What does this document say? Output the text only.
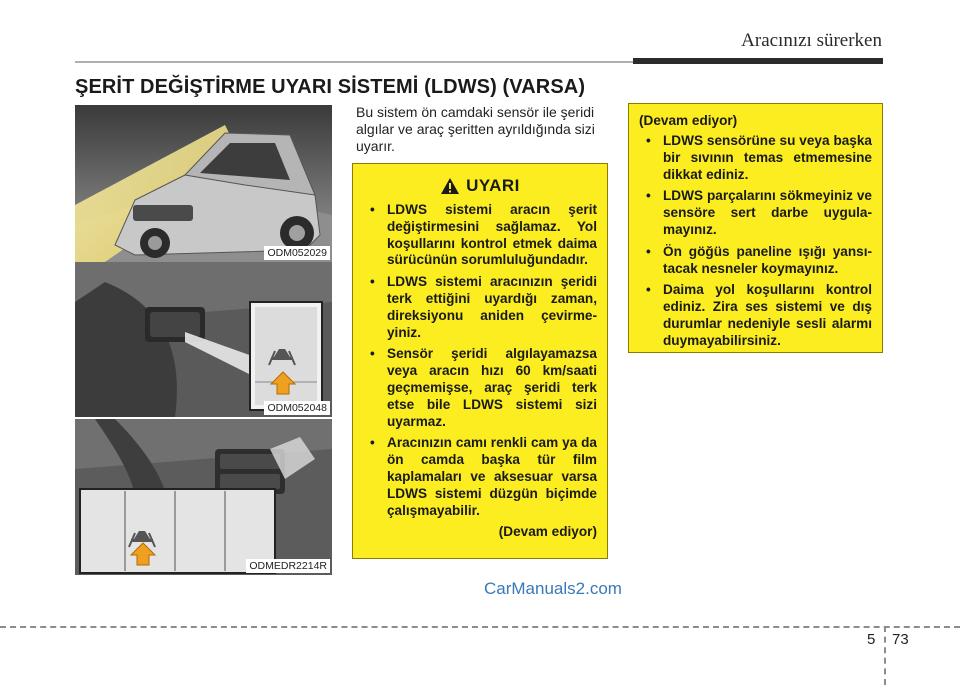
Aracınızı sürerken
ŞERİT DEĞİŞTİRME UYARI SİSTEMİ (LDWS) (VARSA)
ODM052029
ODM052048
ODMEDR2214R
Bu sistem ön camdaki sensör ile şeridi algılar ve araç şeritten ayrıldığında sizi uyarır.
UYARI
• LDWS sistemi aracın şerit değiştirmesini sağlamaz. Yol koşullarını kontrol etmek daima sürücünün sorumluluğundadır.
• LDWS sistemi aracınızın şeridi terk ettiğini uyardığı zaman, direksiyonu aniden çevirmeyiniz.
• Sensör şeridi algılayamazsa veya aracın hızı 60 km/saati geçmemişse, araç şeridi terk etse bile LDWS sistemi sizi uyarmaz.
• Aracınızın camı renkli cam ya da ön camda başka tür film kaplamaları ve aksesuar varsa LDWS sistemi düzgün biçimde çalışmayabilir.
(Devam ediyor)
(Devam ediyor)
• LDWS sensörüne su veya başka bir sıvının temas etmemesine dikkat ediniz.
• LDWS parçalarını sökmeyiniz ve sensöre sert darbe uygulamayınız.
• Ön göğüs paneline ışığı yansıtacak nesneler koymayınız.
• Daima yol koşullarını kontrol ediniz. Zira ses sistemi ve dış durumlar nedeniyle sesli alarmı duymayabilirsiniz.
CarManuals2.com
5 73
